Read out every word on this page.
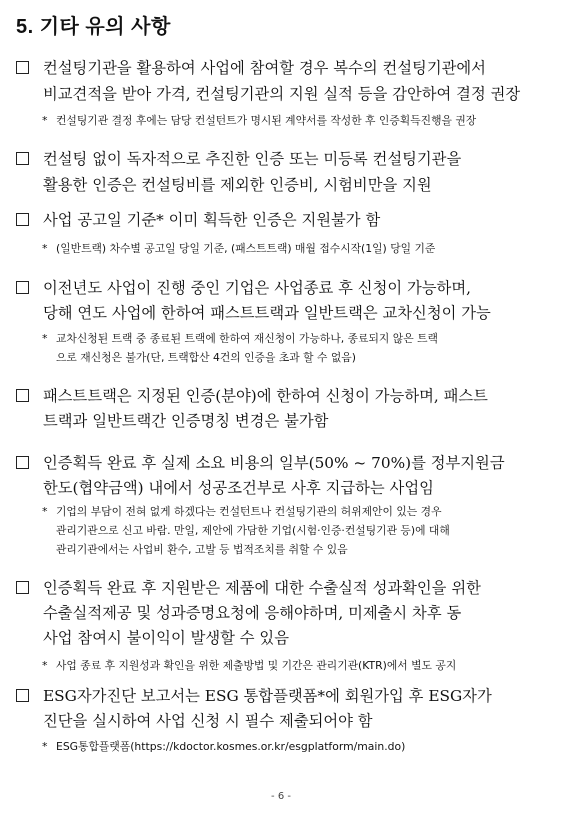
5. 기타 유의 사항
컨설팅기관을 활용하여 사업에 참여할 경우 복수의 컨설팅기관에서
비교견적을 받아 가격, 컨설팅기관의 지원 실적 등을 감안하여 결정 권장
* 컨설팅기관 결정 후에는 담당 컨설턴트가 명시된 계약서를 작성한 후 인증획득진행을 권장
컨설팅 없이 독자적으로 추진한 인증 또는 미등록 컨설팅기관을
활용한 인증은 컨설팅비를 제외한 인증비, 시험비만을 지원
사업 공고일 기준* 이미 획득한 인증은 지원불가 함
* (일반트랙) 차수별 공고일 당일 기준, (패스트트랙) 매월 접수시작(1일) 당일 기준
이전년도 사업이 진행 중인 기업은 사업종료 후 신청이 가능하며,
당해 연도 사업에 한하여 패스트트랙과 일반트랙은 교차신청이 가능
* 교차신청된 트랙 중 종료된 트랙에 한하여 재신청이 가능하나, 종료되지 않은 트랙
으로 재신청은 불가(단, 트랙합산 4건의 인증을 초과 할 수 없음)
패스트트랙은 지정된 인증(분야)에 한하여 신청이 가능하며, 패스트
트랙과 일반트랙간 인증명칭 변경은 불가함
인증획득 완료 후 실제 소요 비용의 일부(50% ~ 70%)를 정부지원금
한도(협약금액) 내에서 성공조건부로 사후 지급하는 사업임
* 기업의 부담이 전혀 없게 하겠다는 컨설턴트나 컨설팅기관의 허위제안이 있는 경우
관리기관으로 신고 바람. 만일, 제안에 가담한 기업(시험·인증·컨설팅기관 등)에 대해
관리기관에서는 사업비 환수, 고발 등 법적조치를 취할 수 있음
인증획득 완료 후 지원받은 제품에 대한 수출실적 성과확인을 위한
수출실적제공 및 성과증명요청에 응해야하며, 미제출시 차후 동
사업 참여시 불이익이 발생할 수 있음
* 사업 종료 후 지원성과 확인을 위한 제출방법 및 기간은 관리기관(KTR)에서 별도 공지
ESG자가진단 보고서는 ESG 통합플랫폼*에 회원가입 후 ESG자가
진단을 실시하여 사업 신청 시 필수 제출되어야 함
* ESG통합플랫폼(https://kdoctor.kosmes.or.kr/esgplatform/main.do)
- 6 -
